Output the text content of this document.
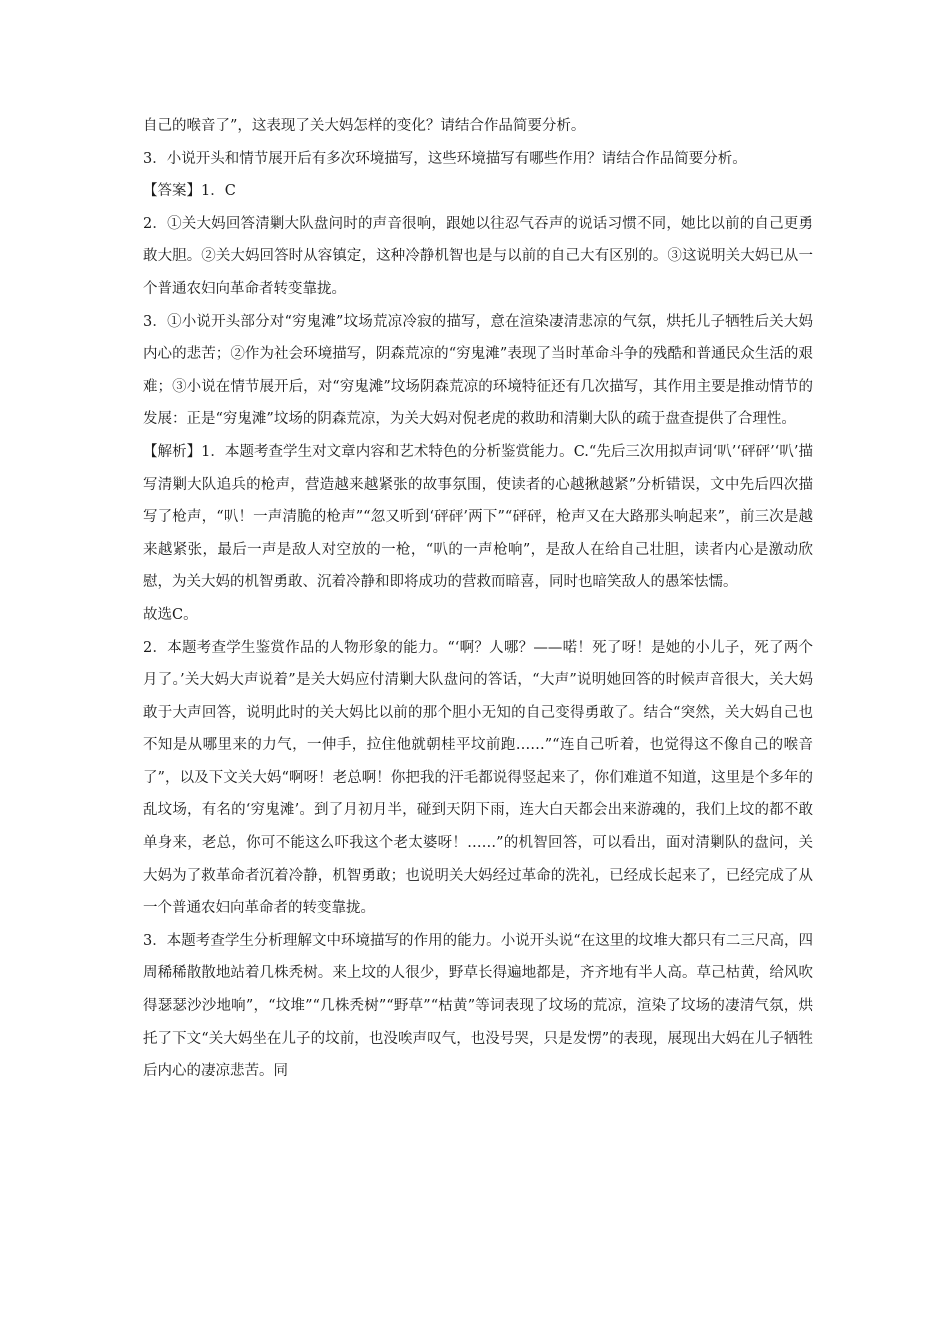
自己的喉音了”，这表现了关大妈怎样的变化？请结合作品简要分析。

3．小说开头和情节展开后有多次环境描写，这些环境描写有哪些作用？请结合作品简要分析。

【答案】1．C

2．①关大妈回答清剿大队盘问时的声音很响，跟她以往忍气吞声的说话习惯不同，她比以前的自己更勇敢大胆。②关大妈回答时从容镇定，这种冷静机智也是与以前的自己大有区别的。③这说明关大妈已从一个普通农妇向革命者转变靠拢。

3．①小说开头部分对“穷鬼滩”坟场荒凉冷寂的描写，意在渲染凄清悲凉的气氛，烘托儿子牺牲后关大妈内心的悲苦；②作为社会环境描写，阴森荒凉的“穷鬼滩”表现了当时革命斗争的残酷和普通民众生活的艰难；③小说在情节展开后，对“穷鬼滩”坟场阴森荒凉的环境特征还有几次描写，其作用主要是推动情节的发展：正是“穷鬼滩”坟场的阴森荒凉，为关大妈对倪老虎的救助和清剿大队的疏于盘查提供了合理性。

【解析】1．本题考查学生对文章内容和艺术特色的分析鉴赏能力。C.“先后三次用拟声词‘叭’‘砰砰’‘叭’描写清剿大队追兵的枪声，营造越来越紧张的故事氛围，使读者的心越揪越紧”分析错误，文中先后四次描写了枪声，“叭！一声清脆的枪声”“忽又听到‘砰砰’两下”“砰砰，枪声又在大路那头响起来”，前三次是越来越紧张，最后一声是敌人对空放的一枪，“叭的一声枪响”，是敌人在给自己壮胆，读者内心是激动欣慰，为关大妈的机智勇敢、沉着冷静和即将成功的营救而暗喜，同时也暗笑敌人的愚笨怯懦。

故选C。

2．本题考查学生鉴赏作品的人物形象的能力。“‘啊？人哪？——喏！死了呀！是她的小儿子，死了两个月了。’关大妈大声说着”是关大妈应付清剿大队盘问的答话，“大声”说明她回答的时候声音很大，关大妈敢于大声回答，说明此时的关大妈比以前的那个胆小无知的自己变得勇敢了。结合“突然，关大妈自己也不知是从哪里来的力气，一伸手，拉住他就朝桂平坟前跑……”“连自己听着，也觉得这不像自己的喉音了”，以及下文关大妈“啊呀！老总啊！你把我的汗毛都说得竖起来了，你们难道不知道，这里是个多年的乱坟场，有名的‘穷鬼滩’。到了月初月半，碰到天阴下雨，连大白天都会出来游魂的，我们上坟的都不敢单身来，老总，你可不能这么吓我这个老太婆呀！……”的机智回答，可以看出，面对清剿队的盘问，关大妈为了救革命者沉着冷静，机智勇敢；也说明关大妈经过革命的洗礼，已经成长起来了，已经完成了从一个普通农妇向革命者的转变靠拢。

3．本题考查学生分析理解文中环境描写的作用的能力。小说开头说“在这里的坟堆大都只有二三尺高，四周稀稀散散地站着几株秃树。来上坟的人很少，野草长得遍地都是，齐齐地有半人高。草己枯黄，给风吹得瑟瑟沙沙地响”，“坟堆”“几株秃树”“野草”“枯黄”等词表现了坟场的荒凉，渲染了坟场的凄清气氛，烘托了下文“关大妈坐在儿子的坟前，也没唉声叹气，也没号哭，只是发愣”的表现，展现出大妈在儿子牺牲后内心的凄凉悲苦。同
